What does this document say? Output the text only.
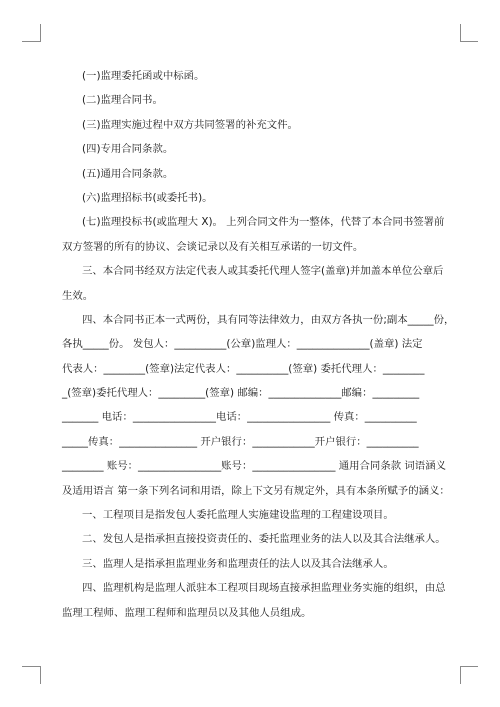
(一)监理委托函或中标函。
(二)监理合同书。
(三)监理实施过程中双方共同签署的补充文件。
(四)专用合同条款。
(五)通用合同条款。
(六)监理招标书(或委托书)。
(七)监理投标书(或监理大 X)。 上列合同文件为一整体，代替了本合同书签署前
双方签署的所有的协议、会谈记录以及有关相互承诺的一切文件。
三、本合同书经双方法定代表人或其委托代理人签字(盖章)并加盖本单位公章后
生效。
四、本合同书正本一式两份，具有同等法律效力，由双方各执一份;副本_____份，
各执_____份。 发包人：__________(公章)监理人：______________(盖章) 法定
代表人：________(签章)法定代表人：__________(签章) 委托代理人：________
_(签章)委托代理人：_________(签章) 邮编：______________邮编：_________
_______ 电话：________________电话：________________ 传真：__________
_____传真：_______________ 开户银行：____________开户银行：__________
________ 账号：________________账号：________________ 通用合同条款 词语涵义
及适用语言 第一条下列名词和用语，除上下文另有规定外，具有本条所赋予的涵义：
一、工程项目是指发包人委托监理人实施建设监理的工程建设项目。
二、发包人是指承担直接投资责任的、委托监理业务的法人以及其合法继承人。
三、监理人是指承担监理业务和监理责任的法人以及其合法继承人。
四、监理机构是监理人派驻本工程项目现场直接承担监理业务实施的组织，由总
监理工程师、监理工程师和监理员以及其他人员组成。
